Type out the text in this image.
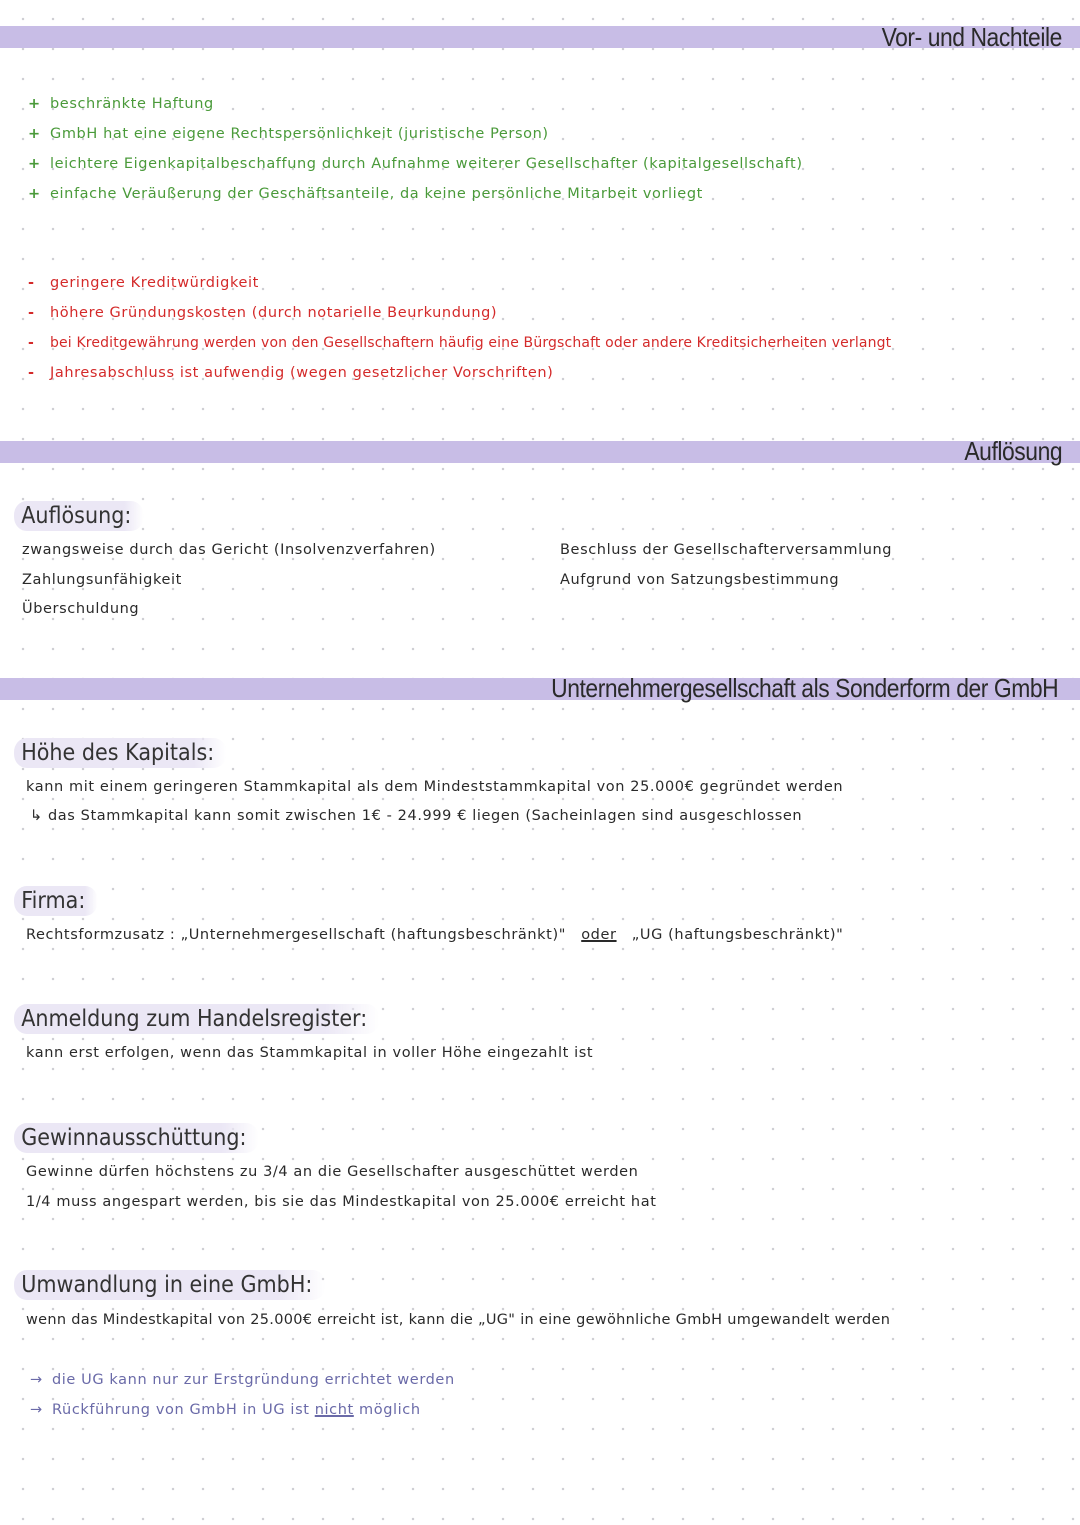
Vor- und Nachteile
+ beschränkte Haftung
+ GmbH hat eine eigene Rechtspersönlichkeit (juristische Person)
+ leichtere Eigenkapitalbeschaffung durch Aufnahme weiterer Gesellschafter (kapitalgesellschaft)
+ einfache Veräußerung der Geschäftsanteile, da keine persönliche Mitarbeit vorliegt
- geringere Kreditwürdigkeit
- höhere Gründungskosten (durch notarielle Beurkundung)
- bei Kreditgewährung werden von den Gesellschaftern häufig eine Bürgschaft oder andere Kreditsicherheiten verlangt
- Jahresabschluss ist aufwendig (wegen gesetzlicher Vorschriften)
Auflösung
Auflösung:
zwangsweise durch das Gericht (Insolvenzverfahren)
Zahlungsunfähigkeit
Überschuldung
Beschluss der Gesellschafterversammlung
Aufgrund von Satzungsbestimmung
Unternehmergesellschaft als Sonderform der GmbH
Höhe des Kapitals:
kann mit einem geringeren Stammkapital als dem Mindeststammkapital von 25.000€ gegründet werden
↳ das Stammkapital kann somit zwischen 1€ - 24.999 € liegen (Sacheinlagen sind ausgeschlossen
Firma:
Rechtsformzusatz : „Unternehmergesellschaft (haftungsbeschränkt)" oder „UG (haftungsbeschränkt)"
Anmeldung zum Handelsregister:
kann erst erfolgen, wenn das Stammkapital in voller Höhe eingezahlt ist
Gewinnausschüttung:
Gewinne dürfen höchstens zu 3/4 an die Gesellschafter ausgeschüttet werden
1/4 muss angespart werden, bis sie das Mindestkapital von 25.000€ erreicht hat
Umwandlung in eine GmbH:
wenn das Mindestkapital von 25.000€ erreicht ist, kann die „UG" in eine gewöhnliche GmbH umgewandelt werden
→ die UG kann nur zur Erstgründung errichtet werden
→ Rückführung von GmbH in UG ist nicht möglich
